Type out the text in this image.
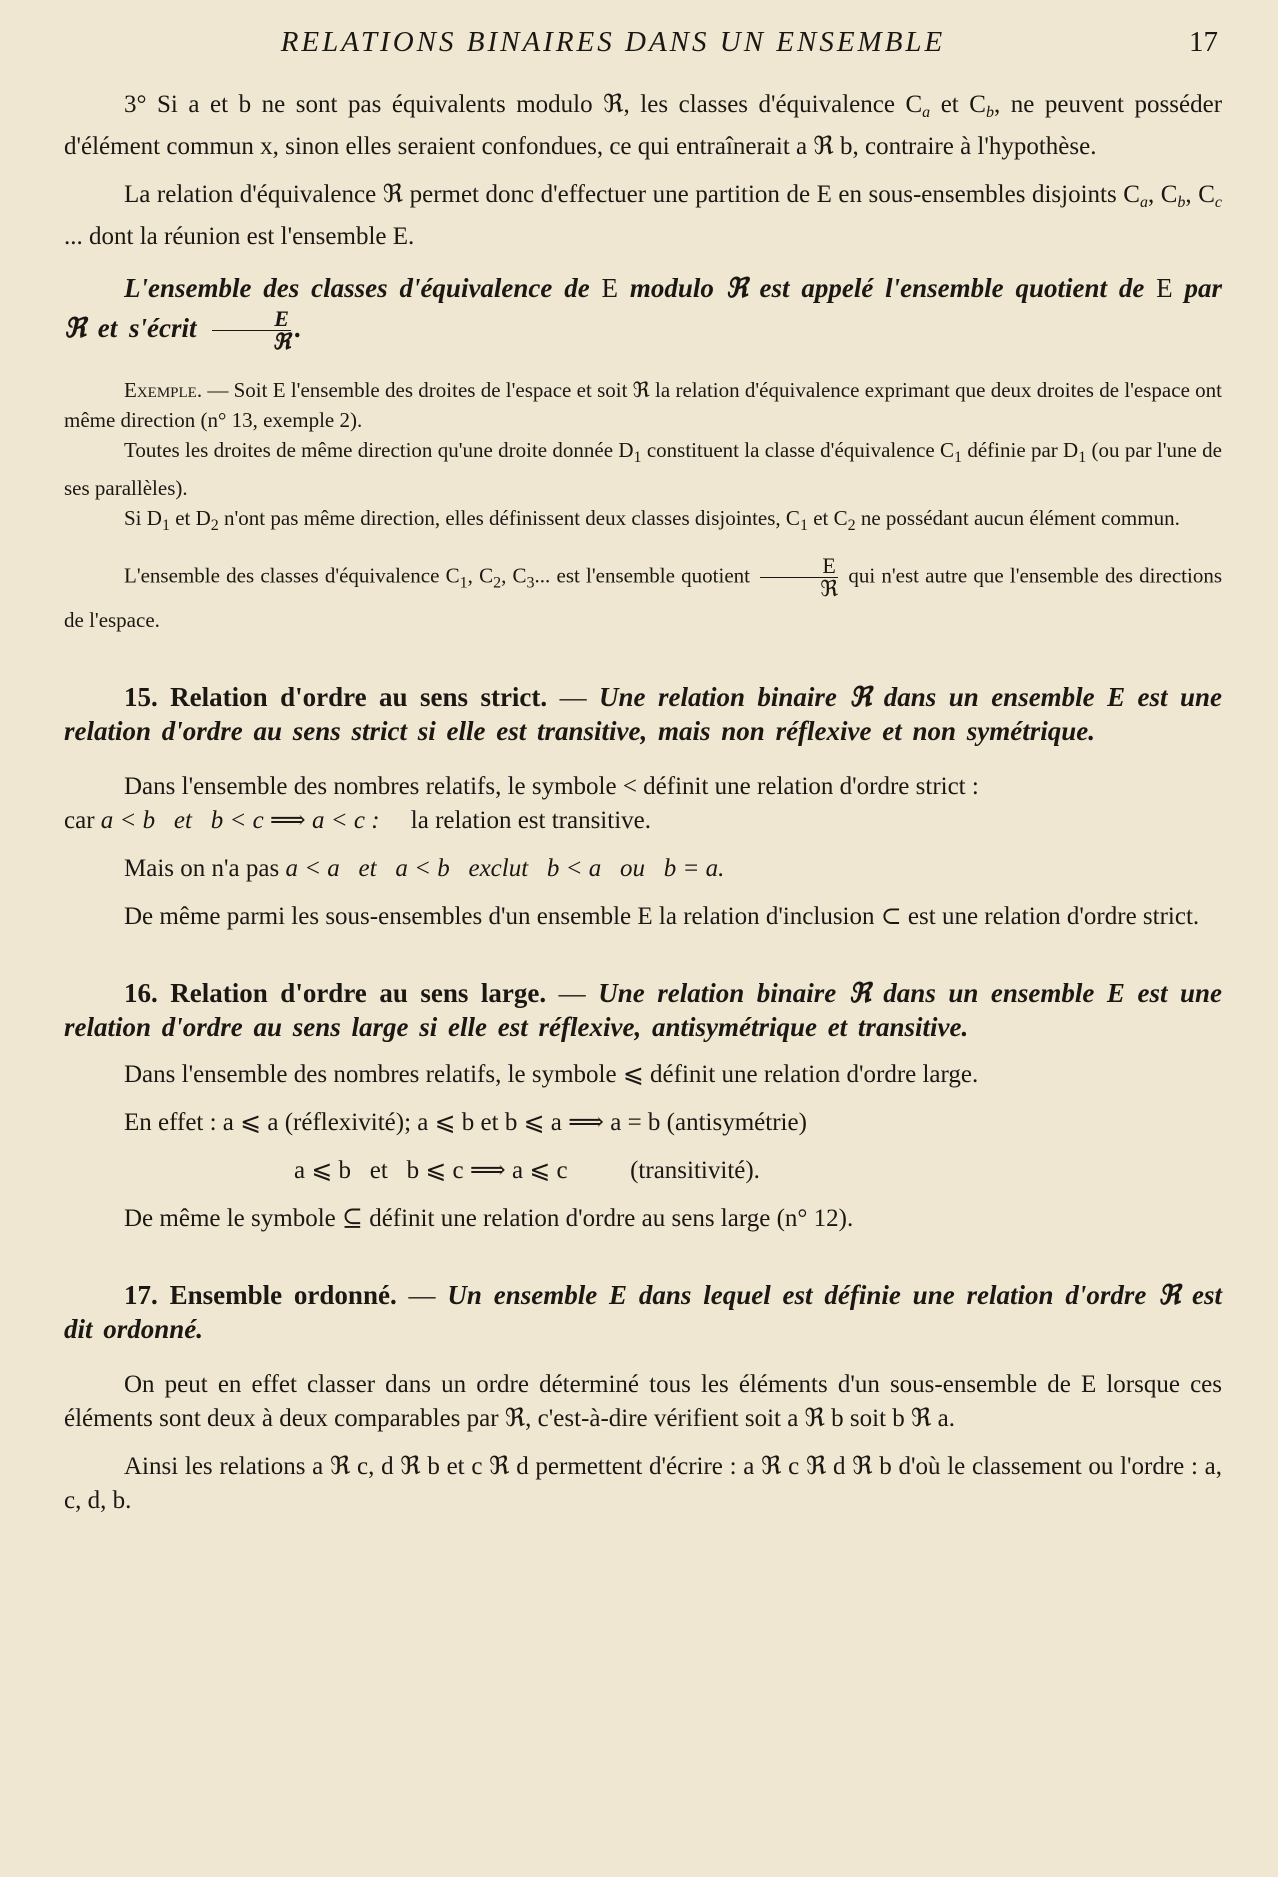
RELATIONS BINAIRES DANS UN ENSEMBLE	17

3° Si a et b ne sont pas équivalents modulo ℜ, les classes d'équivalence $C_a$ et $C_b$, ne peuvent posséder d'élément commun x, sinon elles seraient confondues, ce qui entraînerait a ℜ b, contraire à l'hypothèse.

La relation d'équivalence ℜ permet donc d'effectuer une partition de E en sous-ensembles disjoints $C_a$, $C_b$, $C_c$ ... dont la réunion est l'ensemble E.

L'ensemble des classes d'équivalence de E modulo ℜ est appelé l'ensemble quotient de E par ℜ et s'écrit $\frac{E}{\text{ℜ}}$ .

Exemple. — Soit E l'ensemble des droites de l'espace et soit ℜ la relation d'équivalence exprimant que deux droites de l'espace ont même direction (n° 13, exemple 2).

Toutes les droites de même direction qu'une droite donnée $D_1$ constituent la classe d'équivalence $C_1$ définie par $D_1$ (ou par l'une de ses parallèles).

Si $D_1$ et $D_2$ n'ont pas même direction, elles définissent deux classes disjointes, $C_1$ et $C_2$ ne possédant aucun élément commun.

L'ensemble des classes d'équivalence $C_1$, $C_2$, $C_3$... est l'ensemble quotient $\frac{E}{\text{ℜ}}$ qui n'est autre que l'ensemble des directions de l'espace.

15. Relation d'ordre au sens strict. — Une relation binaire ℜ dans un ensemble E est une relation d'ordre au sens strict si elle est transitive, mais non réflexive et non symétrique.

Dans l'ensemble des nombres relatifs, le symbole < définit une relation d'ordre strict :

car a < b   et   b < c ⟹ a < c :     la relation est transitive.

Mais on n'a pas a < a   et   a < b   exclut   b < a   ou   b = a.

De même parmi les sous-ensembles d'un ensemble E la relation d'inclusion ⊂ est une relation d'ordre strict.

16. Relation d'ordre au sens large. — Une relation binaire ℜ dans un ensemble E est une relation d'ordre au sens large si elle est réflexive, antisymétrique et transitive.

Dans l'ensemble des nombres relatifs, le symbole ⩽ définit une relation d'ordre large.

En effet : a ⩽ a (réflexivité); a ⩽ b et b ⩽ a ⟹ a = b (antisymétrie)

a ⩽ b   et   b ⩽ c ⟹ a ⩽ c          (transitivité).

De même le symbole ⊆ définit une relation d'ordre au sens large (n° 12).

17. Ensemble ordonné. — Un ensemble E dans lequel est définie une relation d'ordre ℜ est dit ordonné.

On peut en effet classer dans un ordre déterminé tous les éléments d'un sous-ensemble de E lorsque ces éléments sont deux à deux comparables par ℜ, c'est-à-dire vérifient soit a ℜ b soit b ℜ a.

Ainsi les relations a ℜ c, d ℜ b et c ℜ d permettent d'écrire : a ℜ c ℜ d ℜ b d'où le classement ou l'ordre : a, c, d, b.
